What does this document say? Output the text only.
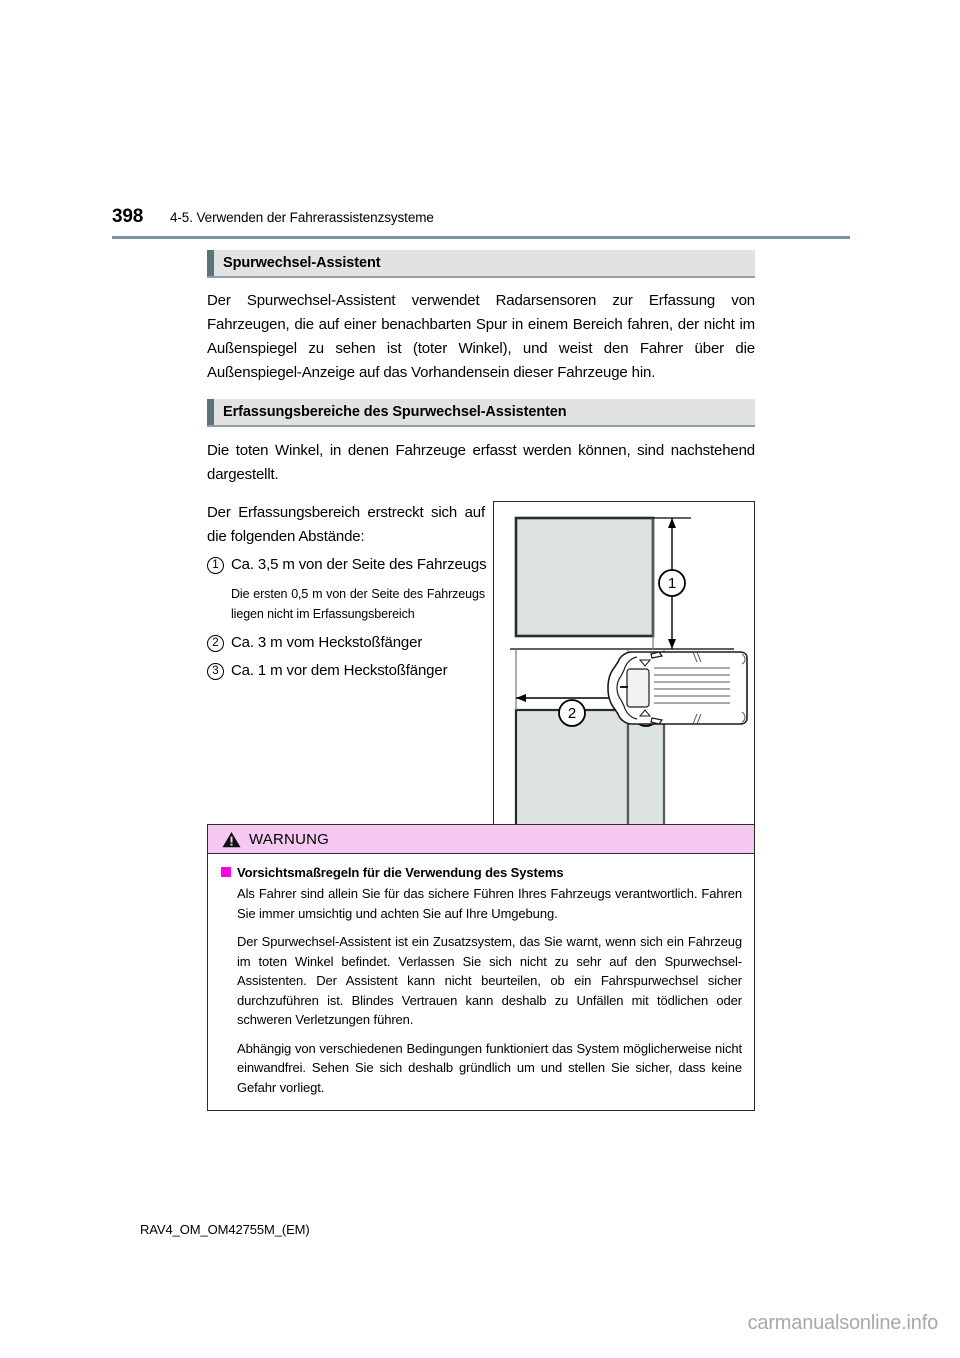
398 4-5. Verwenden der Fahrerassistenzsysteme
Spurwechsel-Assistent

Der Spurwechsel-Assistent verwendet Radarsensoren zur Erfassung von Fahrzeugen, die auf einer benachbarten Spur in einem Bereich fahren, der nicht im Außenspiegel zu sehen ist (toter Winkel), und weist den Fahrer über die Außenspiegel-Anzeige auf das Vorhandensein dieser Fahrzeuge hin.

Erfassungsbereiche des Spurwechsel-Assistenten

Die toten Winkel, in denen Fahrzeuge erfasst werden können, sind nachstehend dargestellt.

Der Erfassungsbereich erstreckt sich auf die folgenden Abstände:

1 Ca. 3,5 m von der Seite des Fahrzeugs

Die ersten 0,5 m von der Seite des Fahrzeugs liegen nicht im Erfassungsbereich

2 Ca. 3 m vom Heckstoßfänger
3 Ca. 1 m vor dem Heckstoßfänger
1
2
WARNUNG
Vorsichtsmaßregeln für die Verwendung des Systems

Als Fahrer sind allein Sie für das sichere Führen Ihres Fahrzeugs verantwortlich. Fahren Sie immer umsichtig und achten Sie auf Ihre Umgebung.

Der Spurwechsel-Assistent ist ein Zusatzsystem, das Sie warnt, wenn sich ein Fahrzeug im toten Winkel befindet. Verlassen Sie sich nicht zu sehr auf den Spurwechsel-Assistenten. Der Assistent kann nicht beurteilen, ob ein Fahrspurwechsel sicher durchzuführen ist. Blindes Vertrauen kann deshalb zu Unfällen mit tödlichen oder schweren Verletzungen führen.

Abhängig von verschiedenen Bedingungen funktioniert das System möglicherweise nicht einwandfrei. Sehen Sie sich deshalb gründlich um und stellen Sie sicher, dass keine Gefahr vorliegt.

RAV4_OM_OM42755M_(EM)
carmanualsonline.info
